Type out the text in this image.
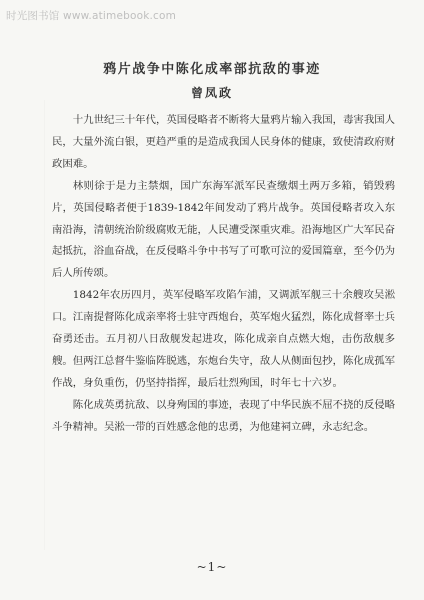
时光图书馆 www.atimebook.com
鸦片战争中陈化成率部抗敌的事迹
曾凤政

十九世纪三十年代，英国侵略者不断将大量鸦片输入我国，毒害我国人民，大量外流白银，更趋严重的是造成我国人民身体的健康，致使清政府财政困难。

林则徐于是力主禁烟，国广东海军派军民查缴烟土两万多箱，销毁鸦片，英国侵略者便于1839-1842年间发动了鸦片战争。英国侵略者攻入东南沿海，清朝统治阶级腐败无能，人民遭受深重灾难。沿海地区广大军民奋起抵抗，浴血奋战，在反侵略斗争中书写了可歌可泣的爱国篇章，至今仍为后人所传颂。

1842年农历四月，英军侵略军攻陷乍浦，又调派军舰三十余艘攻吴淞口。江南提督陈化成亲率将士驻守西炮台，英军炮火猛烈，陈化成督率士兵奋勇还击。五月初八日敌舰发起进攻，陈化成亲自点燃大炮，击伤敌舰多艘。但两江总督牛鉴临阵脱逃，东炮台失守，敌人从侧面包抄，陈化成孤军作战，身负重伤，仍坚持指挥，最后壮烈殉国，时年七十六岁。

陈化成英勇抗敌、以身殉国的事迹，表现了中华民族不屈不挠的反侵略斗争精神。吴淞一带的百姓感念他的忠勇，为他建祠立碑，永志纪念。

~1~
